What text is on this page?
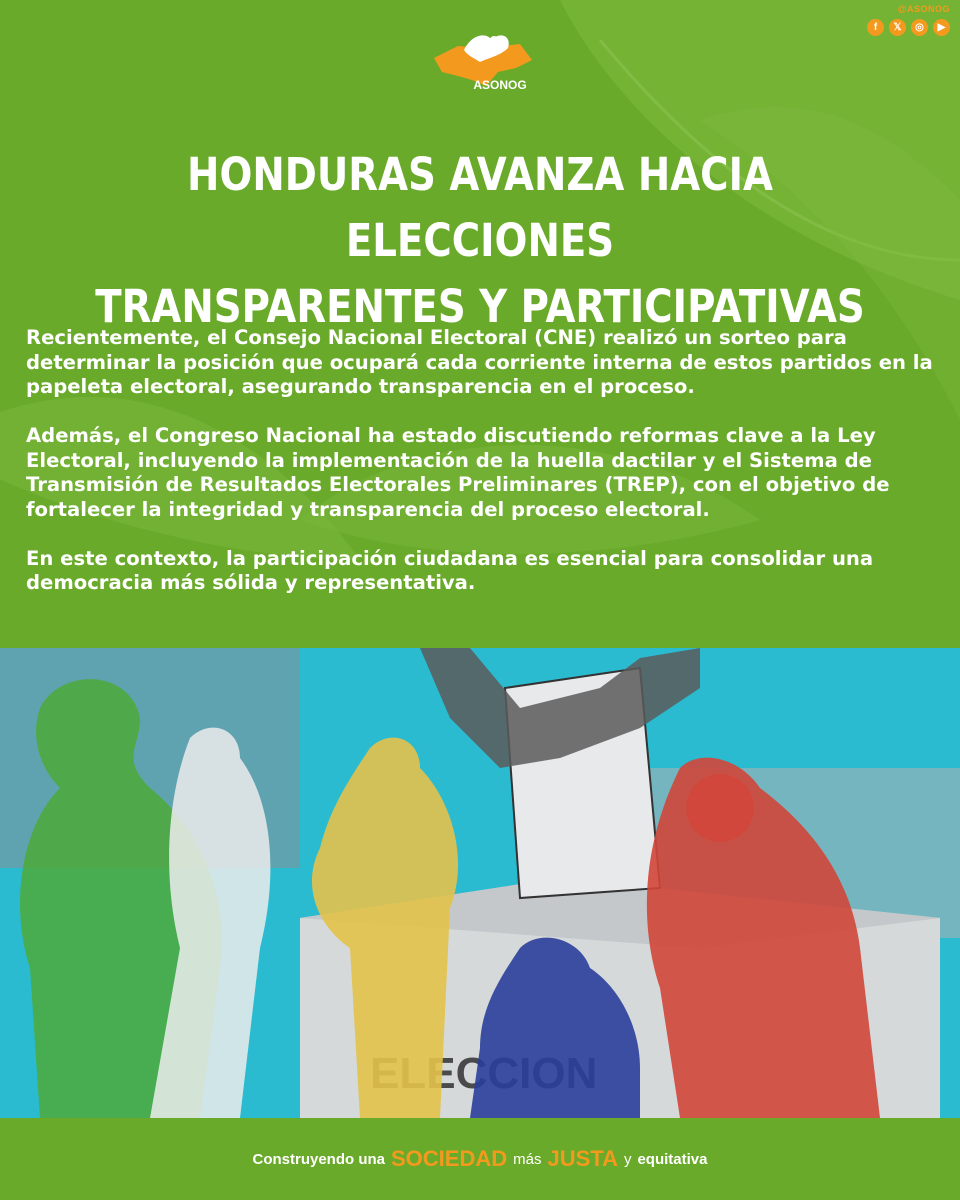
@ASONOG
f	𝕏	◎	▶
ASONOG
HONDURAS AVANZA HACIA ELECCIONES
TRANSPARENTES Y PARTICIPATIVAS

Recientemente, el Consejo Nacional Electoral (CNE) realizó un sorteo para determinar la posición que ocupará cada corriente interna de estos partidos en la papeleta electoral, asegurando transparencia en el proceso.

Además, el Congreso Nacional ha estado discutiendo reformas clave a la Ley Electoral, incluyendo la implementación de la huella dactilar y el Sistema de Transmisión de Resultados Electorales Preliminares (TREP), con el objetivo de fortalecer la integridad y transparencia del proceso electoral.

En este contexto, la participación ciudadana es esencial para consolidar una democracia más sólida y representativa.

Construyendo una SOCIEDAD más JUSTA y equitativa
